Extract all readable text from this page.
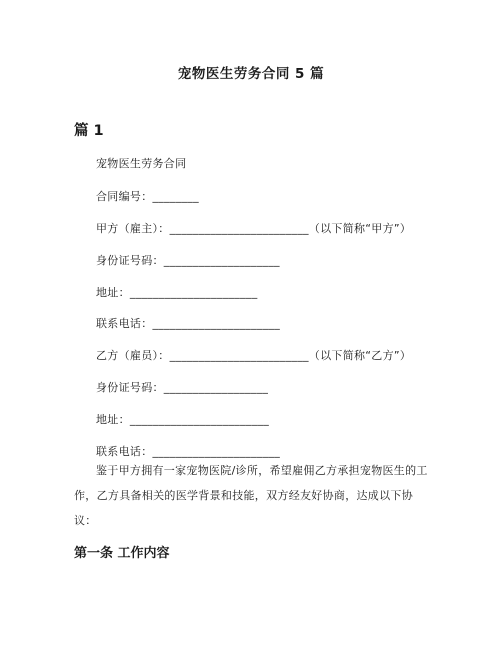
宠物医生劳务合同 5 篇
篇 1
宠物医生劳务合同
合同编号：________
甲方（雇主）：________________________（以下简称“甲方”）
身份证号码：____________________
地址：______________________
联系电话：______________________
乙方（雇员）：________________________（以下简称“乙方”）
身份证号码：__________________
地址：________________________
联系电话：______________________
鉴于甲方拥有一家宠物医院/诊所，希望雇佣乙方承担宠物医生的工作，乙方具备相关的医学背景和技能，双方经友好协商，达成以下协议：
第一条 工作内容
